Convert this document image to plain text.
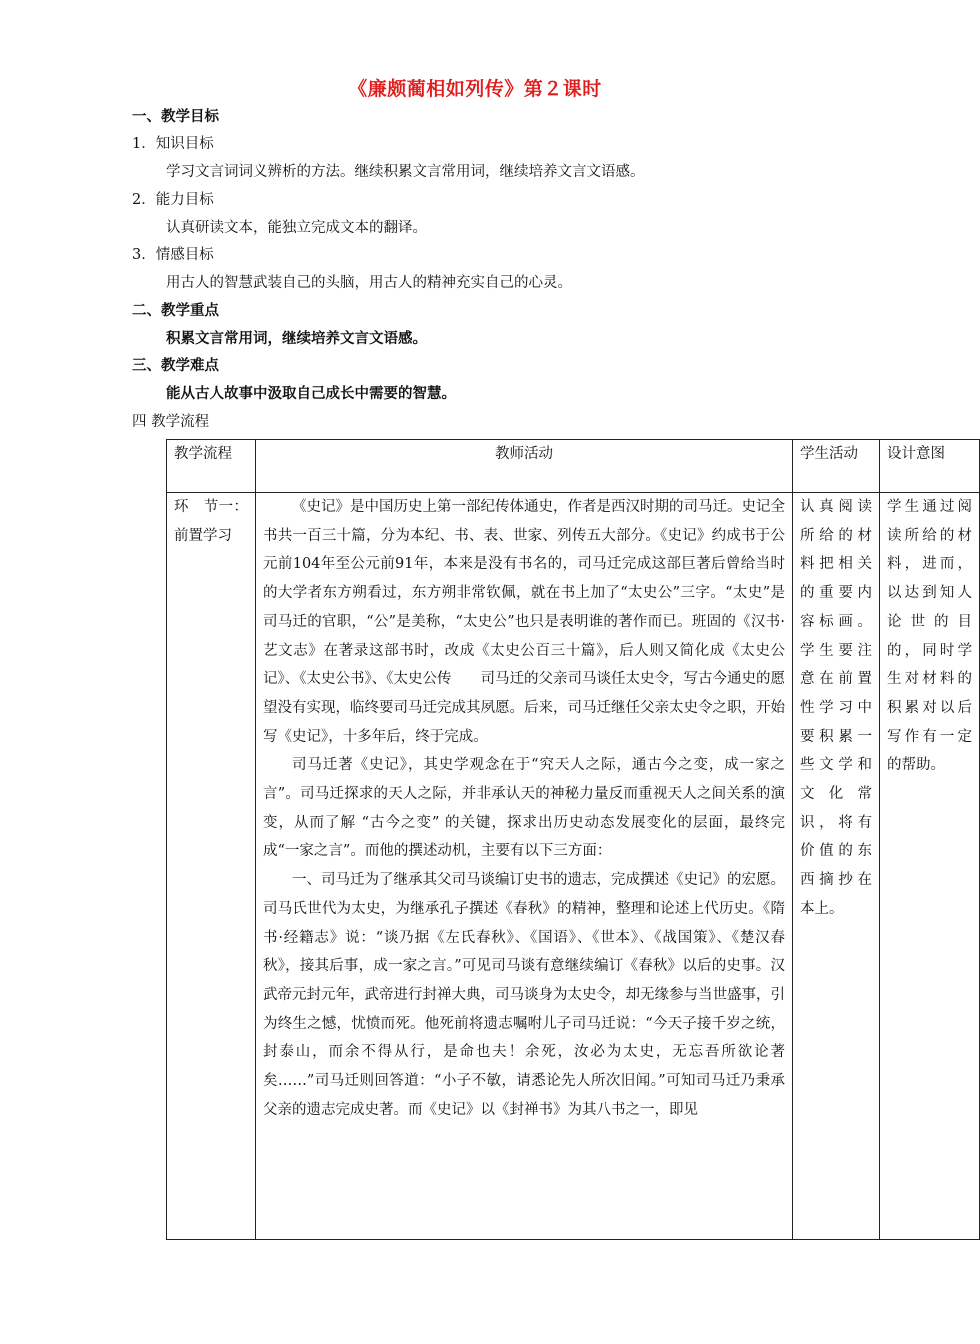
《廉颇蔺相如列传》第２课时
一、教学目标
1．知识目标
学习文言词词义辨析的方法。继续积累文言常用词，继续培养文言文语感。
2．能力目标
认真研读文本，能独立完成文本的翻译。
3．情感目标
用古人的智慧武装自己的头脑，用古人的精神充实自己的心灵。
二、教学重点
积累文言常用词，继续培养文言文语感。
三、教学难点
能从古人故事中汲取自己成长中需要的智慧。
四 教学流程
教学流程	教师活动	学生活动	设计意图
环　节一：前置学习	《史记》是中国历史上第一部纪传体通史，作者是西汉时期的司马迁。史记全书共一百三十篇，分为本纪、书、表、世家、列传五大部分。《史记》约成书于公元前104年至公元前91年，本来是没有书名的，司马迁完成这部巨著后曾给当时的大学者东方朔看过，东方朔非常钦佩，就在书上加了“太史公”三字。“太史”是司马迁的官职，“公”是美称，“太史公”也只是表明谁的著作而已。班固的《汉书·艺文志》在著录这部书时，改成《太史公百三十篇》，后人则又简化成《太史公记》、《太史公书》、《太史公传　　司马迁的父亲司马谈任太史令，写古今通史的愿望没有实现，临终要司马迁完成其夙愿。后来，司马迁继任父亲太史令之职，开始写《史记》，十多年后，终于完成。

司马迁著《史记》，其史学观念在于“究天人之际，通古今之变，成一家之言”。司马迁探求的天人之际，并非承认天的神秘力量反而重视天人之间关系的演变，从而了解 “古今之变” 的关键，探求出历史动态发展变化的层面，最终完成“一家之言”。而他的撰述动机，主要有以下三方面：

一、司马迁为了继承其父司马谈编订史书的遗志，完成撰述《史记》的宏愿。司马氏世代为太史，为继承孔子撰述《春秋》的精神，整理和论述上代历史。《隋书·经籍志》说：“谈乃据《左氏春秋》、《国语》、《世本》、《战国策》、《楚汉春秋》，接其后事，成一家之言。”可见司马谈有意继续编订《春秋》以后的史事。汉武帝元封元年，武帝进行封禅大典，司马谈身为太史令，却无缘参与当世盛事，引为终生之憾，忧愤而死。他死前将遗志嘱咐儿子司马迁说：“今天子接千岁之统，封泰山，而余不得从行，是命也夫！余死，汝必为太史，无忘吾所欲论著矣……”司马迁则回答道：“小子不敏，请悉论先人所次旧闻。”可知司马迁乃秉承父亲的遗志完成史著。而《史记》以《封禅书》为其八书之一，即见	认真阅读所给的材料把相关的重要内容标画。学生要注意在前置性学习中要积累一些文学和文化常识，将有价值的东西摘抄在本上。	学生通过阅读所给的材料，进而，以达到知人论世的目的，同时学生对材料的积累对以后写作有一定的帮助。
